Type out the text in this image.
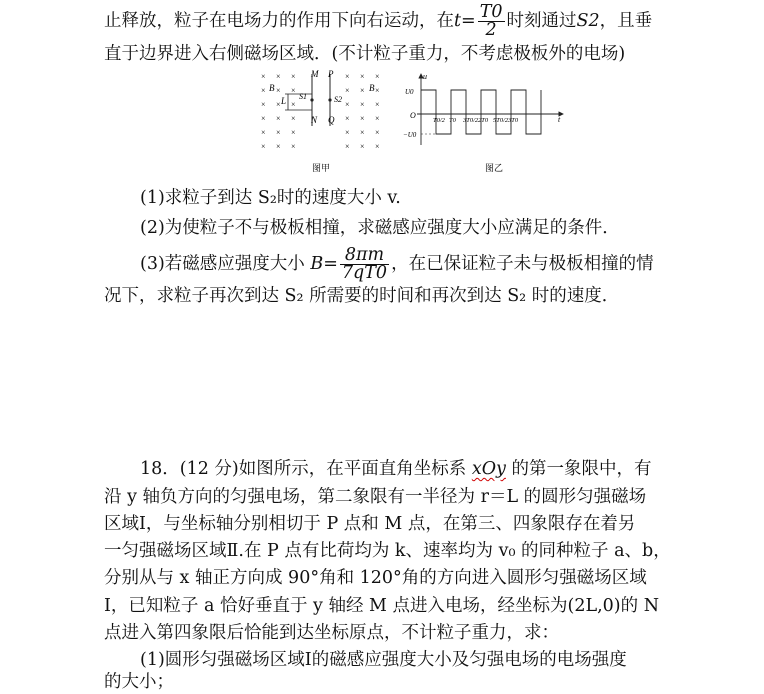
止释放，粒子在电场力的作用下向右运动，在$t= \frac{T0}{2}$ 时刻通过S2，且垂
直于边界进入右侧磁场区域．(不计粒子重力，不考虑极板外的电场)
× × ×
× × ×
× × ×
× × ×
× × ×
× × ×
× × ×
× × ×
× × ×
× × ×
× × ×
× × ×
M P
N Q
B	B
L S1	S2
图甲
u
t
O
U0
−U0
T0/2 T0 3T0/2 2T0 5T0/2 3T0
图乙
(1)求粒子到达 S₂时的速度大小 v.
(2)为使粒子不与极板相撞，求磁感应强度大小应满足的条件．
(3)若磁感应强度大小 $B= \frac{8\pi m}{7qT0}$ ，在已保证粒子未与极板相撞的情
况下，求粒子再次到达 S₂ 所需要的时间和再次到达 S₂ 时的速度．
18．(12 分)如图所示，在平面直角坐标系 xOy 的第一象限中，有
沿 y 轴负方向的匀强电场，第二象限有一半径为 r＝L 的圆形匀强磁场
区域Ⅰ，与坐标轴分别相切于 P 点和 M 点，在第三、四象限存在着另
一匀强磁场区域Ⅱ.在 P 点有比荷均为 k、速率均为 v₀ 的同种粒子 a、b，
分别从与 x 轴正方向成 90°角和 120°角的方向进入圆形匀强磁场区域
Ⅰ，已知粒子 a 恰好垂直于 y 轴经 M 点进入电场，经坐标为(2L,0)的 N
点进入第四象限后恰能到达坐标原点，不计粒子重力，求：
(1)圆形匀强磁场区域Ⅰ的磁感应强度大小及匀强电场的电场强度
的大小；
